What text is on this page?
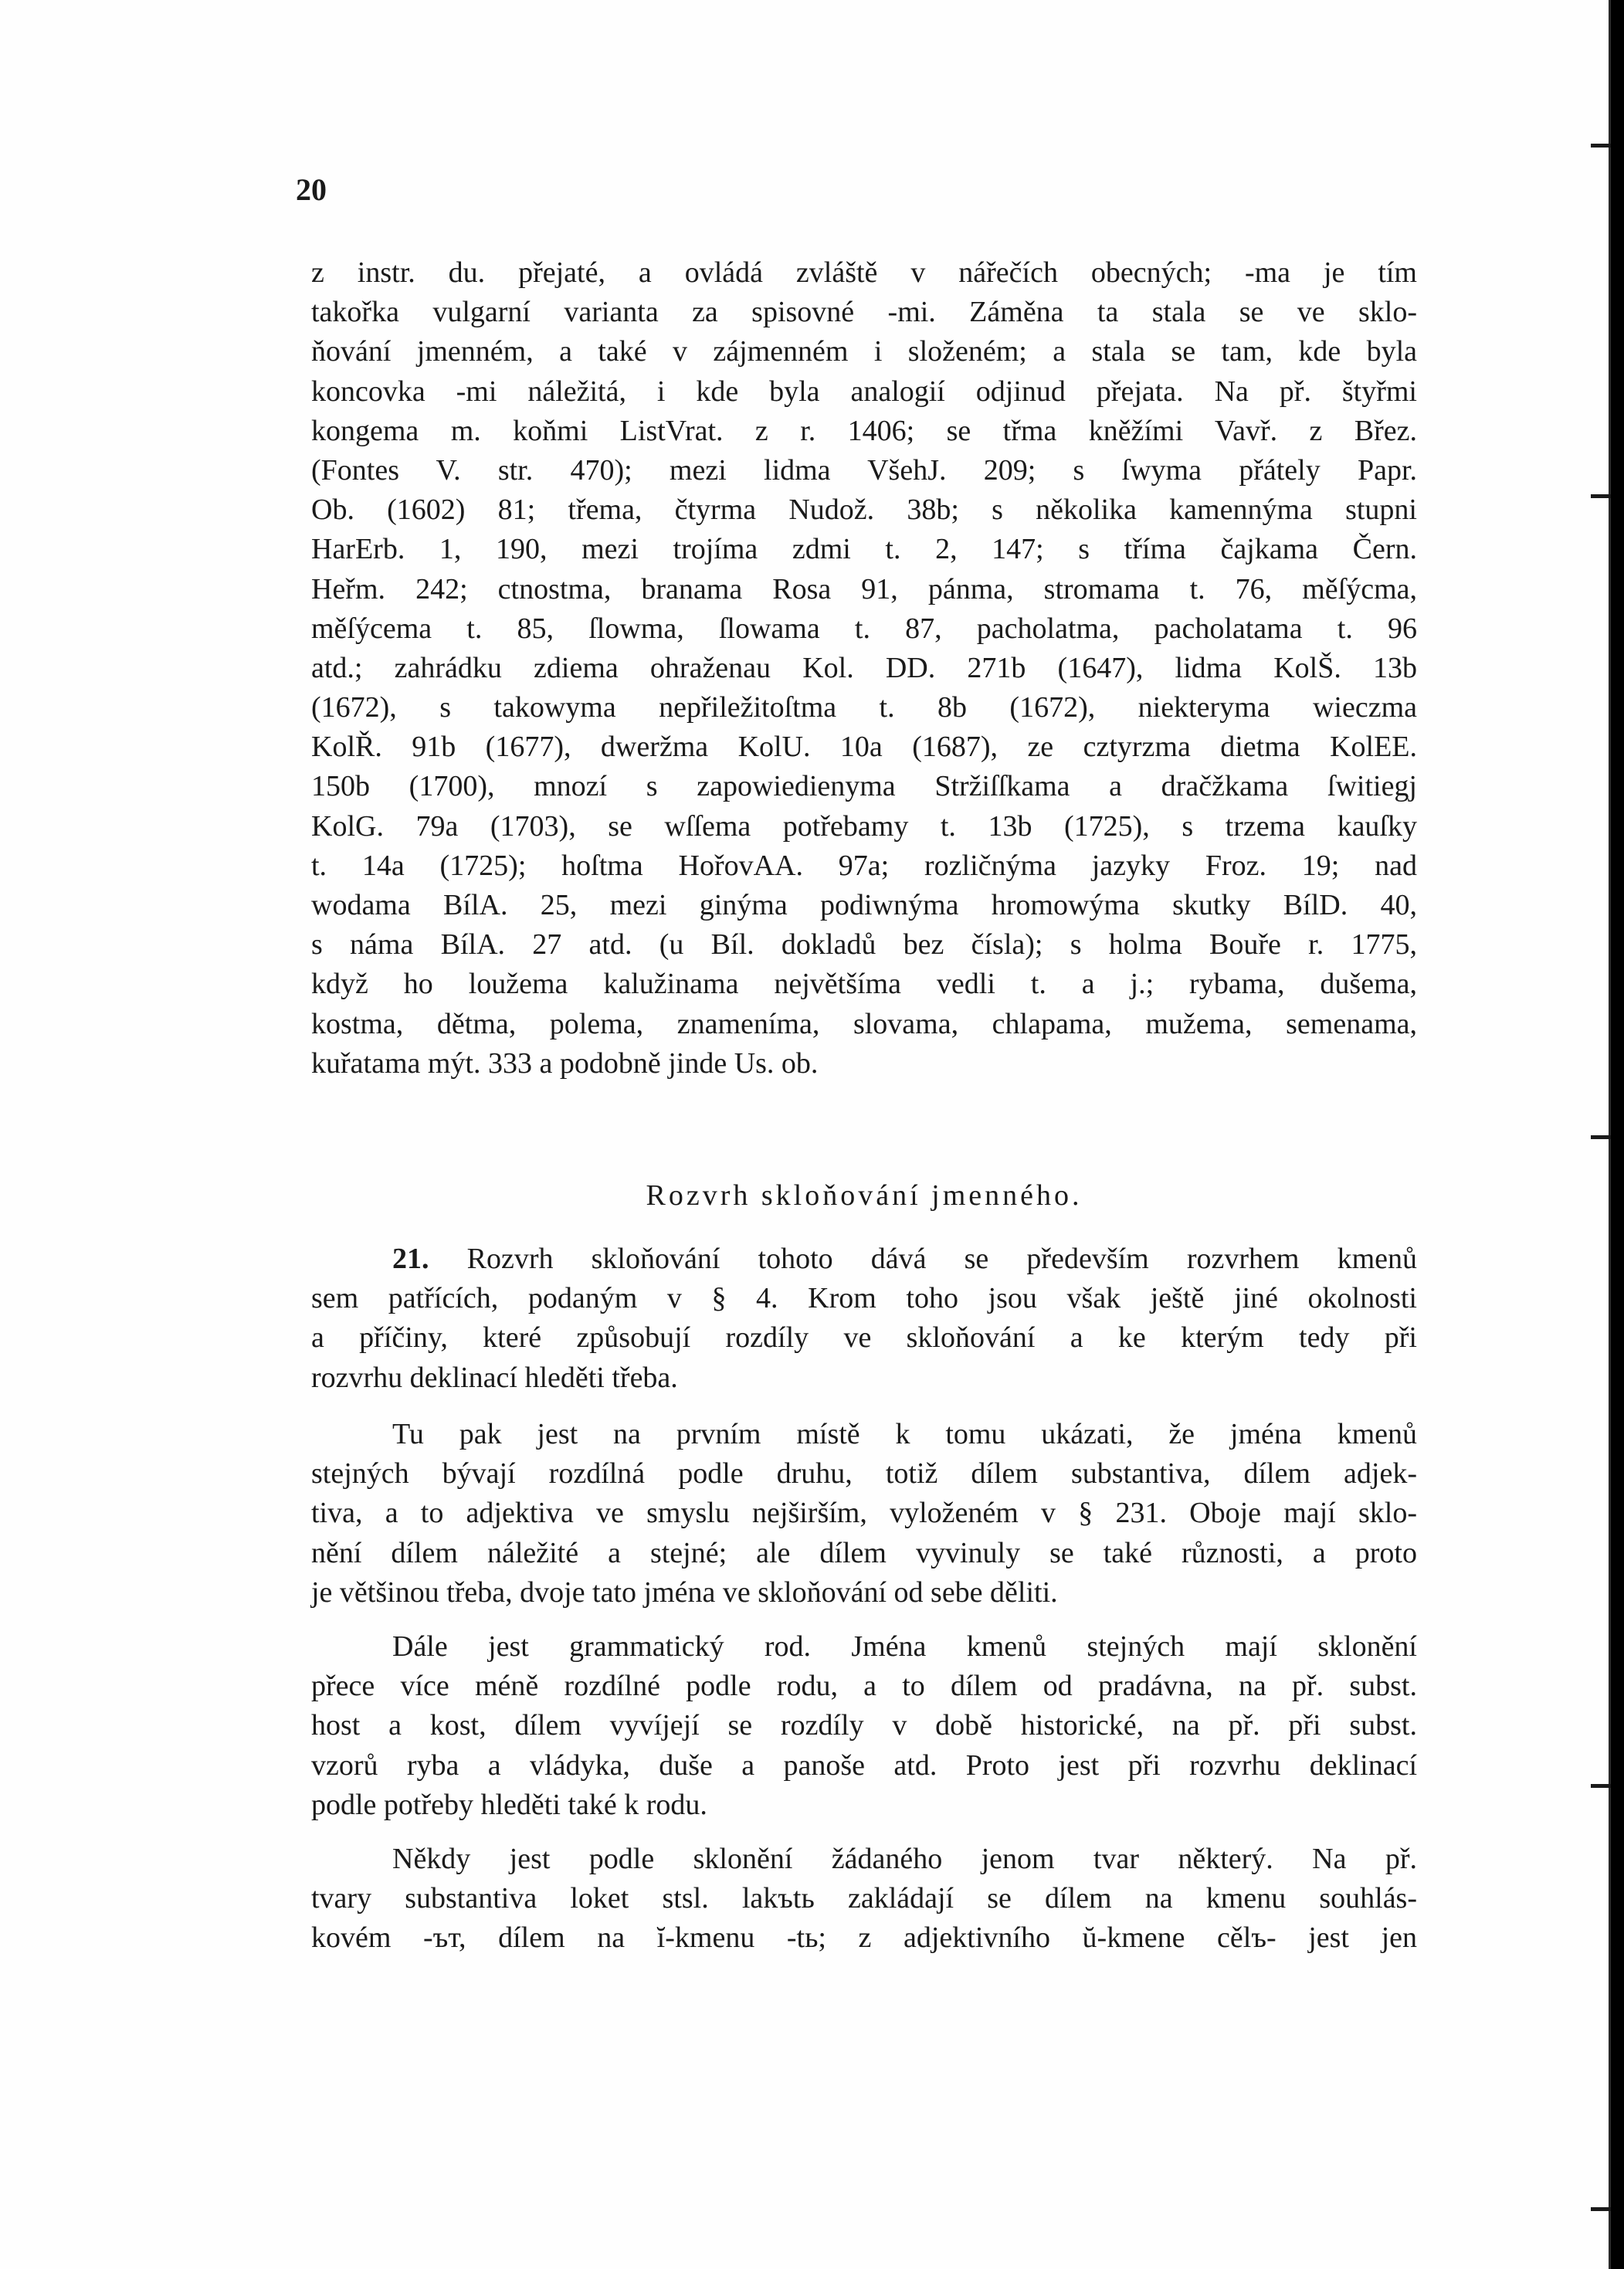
20
z instr. du. přejaté, a ovládá zvláště v nářečích obecných; -ma je tím
takořka vulgarní varianta za spisovné -mi. Záměna ta stala se ve sklo-
ňování jmenném, a také v zájmenném i složeném; a stala se tam, kde byla
koncovka -mi náležitá, i kde byla analogií odjinud přejata. Na př. štyřmi
kongema m. koňmi ListVrat. z r. 1406; se třma kněžími Vavř. z Břez.
(Fontes V. str. 470); mezi lidma VšehJ. 209; s ſwyma přátely Papr.
Ob. (1602) 81; třema, čtyrma Nudož. 38b; s několika kamennýma stupni
HarErb. 1, 190, mezi trojíma zdmi t. 2, 147; s tříma čajkama Čern.
Heřm. 242; ctnostma, branama Rosa 91, pánma, stromama t. 76, měſýcma,
měſýcema t. 85, ſlowma, ſlowama t. 87, pacholatma, pacholatama t. 96
atd.; zahrádku zdiema ohraženau Kol. DD. 271b (1647), lidma KolŠ. 13b
(1672), s takowyma nepřiležitoſtma t. 8b (1672), niekteryma wieczma
KolŘ. 91b (1677), dweržma KolU. 10a (1687), ze cztyrzma dietma KolEE.
150b (1700), mnozí s zapowiedienyma Stržiſſkama a dračžkama ſwitiegj
KolG. 79a (1703), se wſſema potřebamy t. 13b (1725), s trzema kauſky
t. 14a (1725); hoſtma HořovAA. 97a; rozličnýma jazyky Froz. 19; nad
wodama BílA. 25, mezi ginýma podiwnýma hromowýma skutky BílD. 40,
s náma BílA. 27 atd. (u Bíl. dokladů bez čísla); s holma Bouře r. 1775,
když ho loužema kalužinama největšíma vedli t. a j.; rybama, dušema,
kostma, dětma, polema, znameníma, slovama, chlapama, mužema, semenama,
kuřatama mýt. 333 a podobně jinde Us. ob.
Rozvrh skloňování jmenného.
21. Rozvrh skloňování tohoto dává se především rozvrhem kmenů
sem patřících, podaným v § 4. Krom toho jsou však ještě jiné okolnosti
a příčiny, které způsobují rozdíly ve skloňování a ke kterým tedy při
rozvrhu deklinací hleděti třeba.
Tu pak jest na prvním místě k tomu ukázati, že jména kmenů
stejných bývají rozdílná podle druhu, totiž dílem substantiva, dílem adjek-
tiva, a to adjektiva ve smyslu nejširším, vyloženém v § 231. Oboje mají sklo-
nění dílem náležité a stejné; ale dílem vyvinuly se také různosti, a proto
je většinou třeba, dvoje tato jména ve skloňování od sebe děliti.
Dále jest grammatický rod. Jména kmenů stejných mají sklonění
přece více méně rozdílné podle rodu, a to dílem od pradávna, na př. subst.
host a kost, dílem vyvíjejí se rozdíly v době historické, na př. při subst.
vzorů ryba a vládyka, duše a panoše atd. Proto jest při rozvrhu deklinací
podle potřeby hleděti také k rodu.
Někdy jest podle sklonění žádaného jenom tvar některý. Na př.
tvary substantiva loket stsl. lakъtь zakládají se dílem na kmenu souhlás-
kovém -ът, dílem na ĭ-kmenu -tь; z adjektivního ŭ-kmene cělъ- jest jen
